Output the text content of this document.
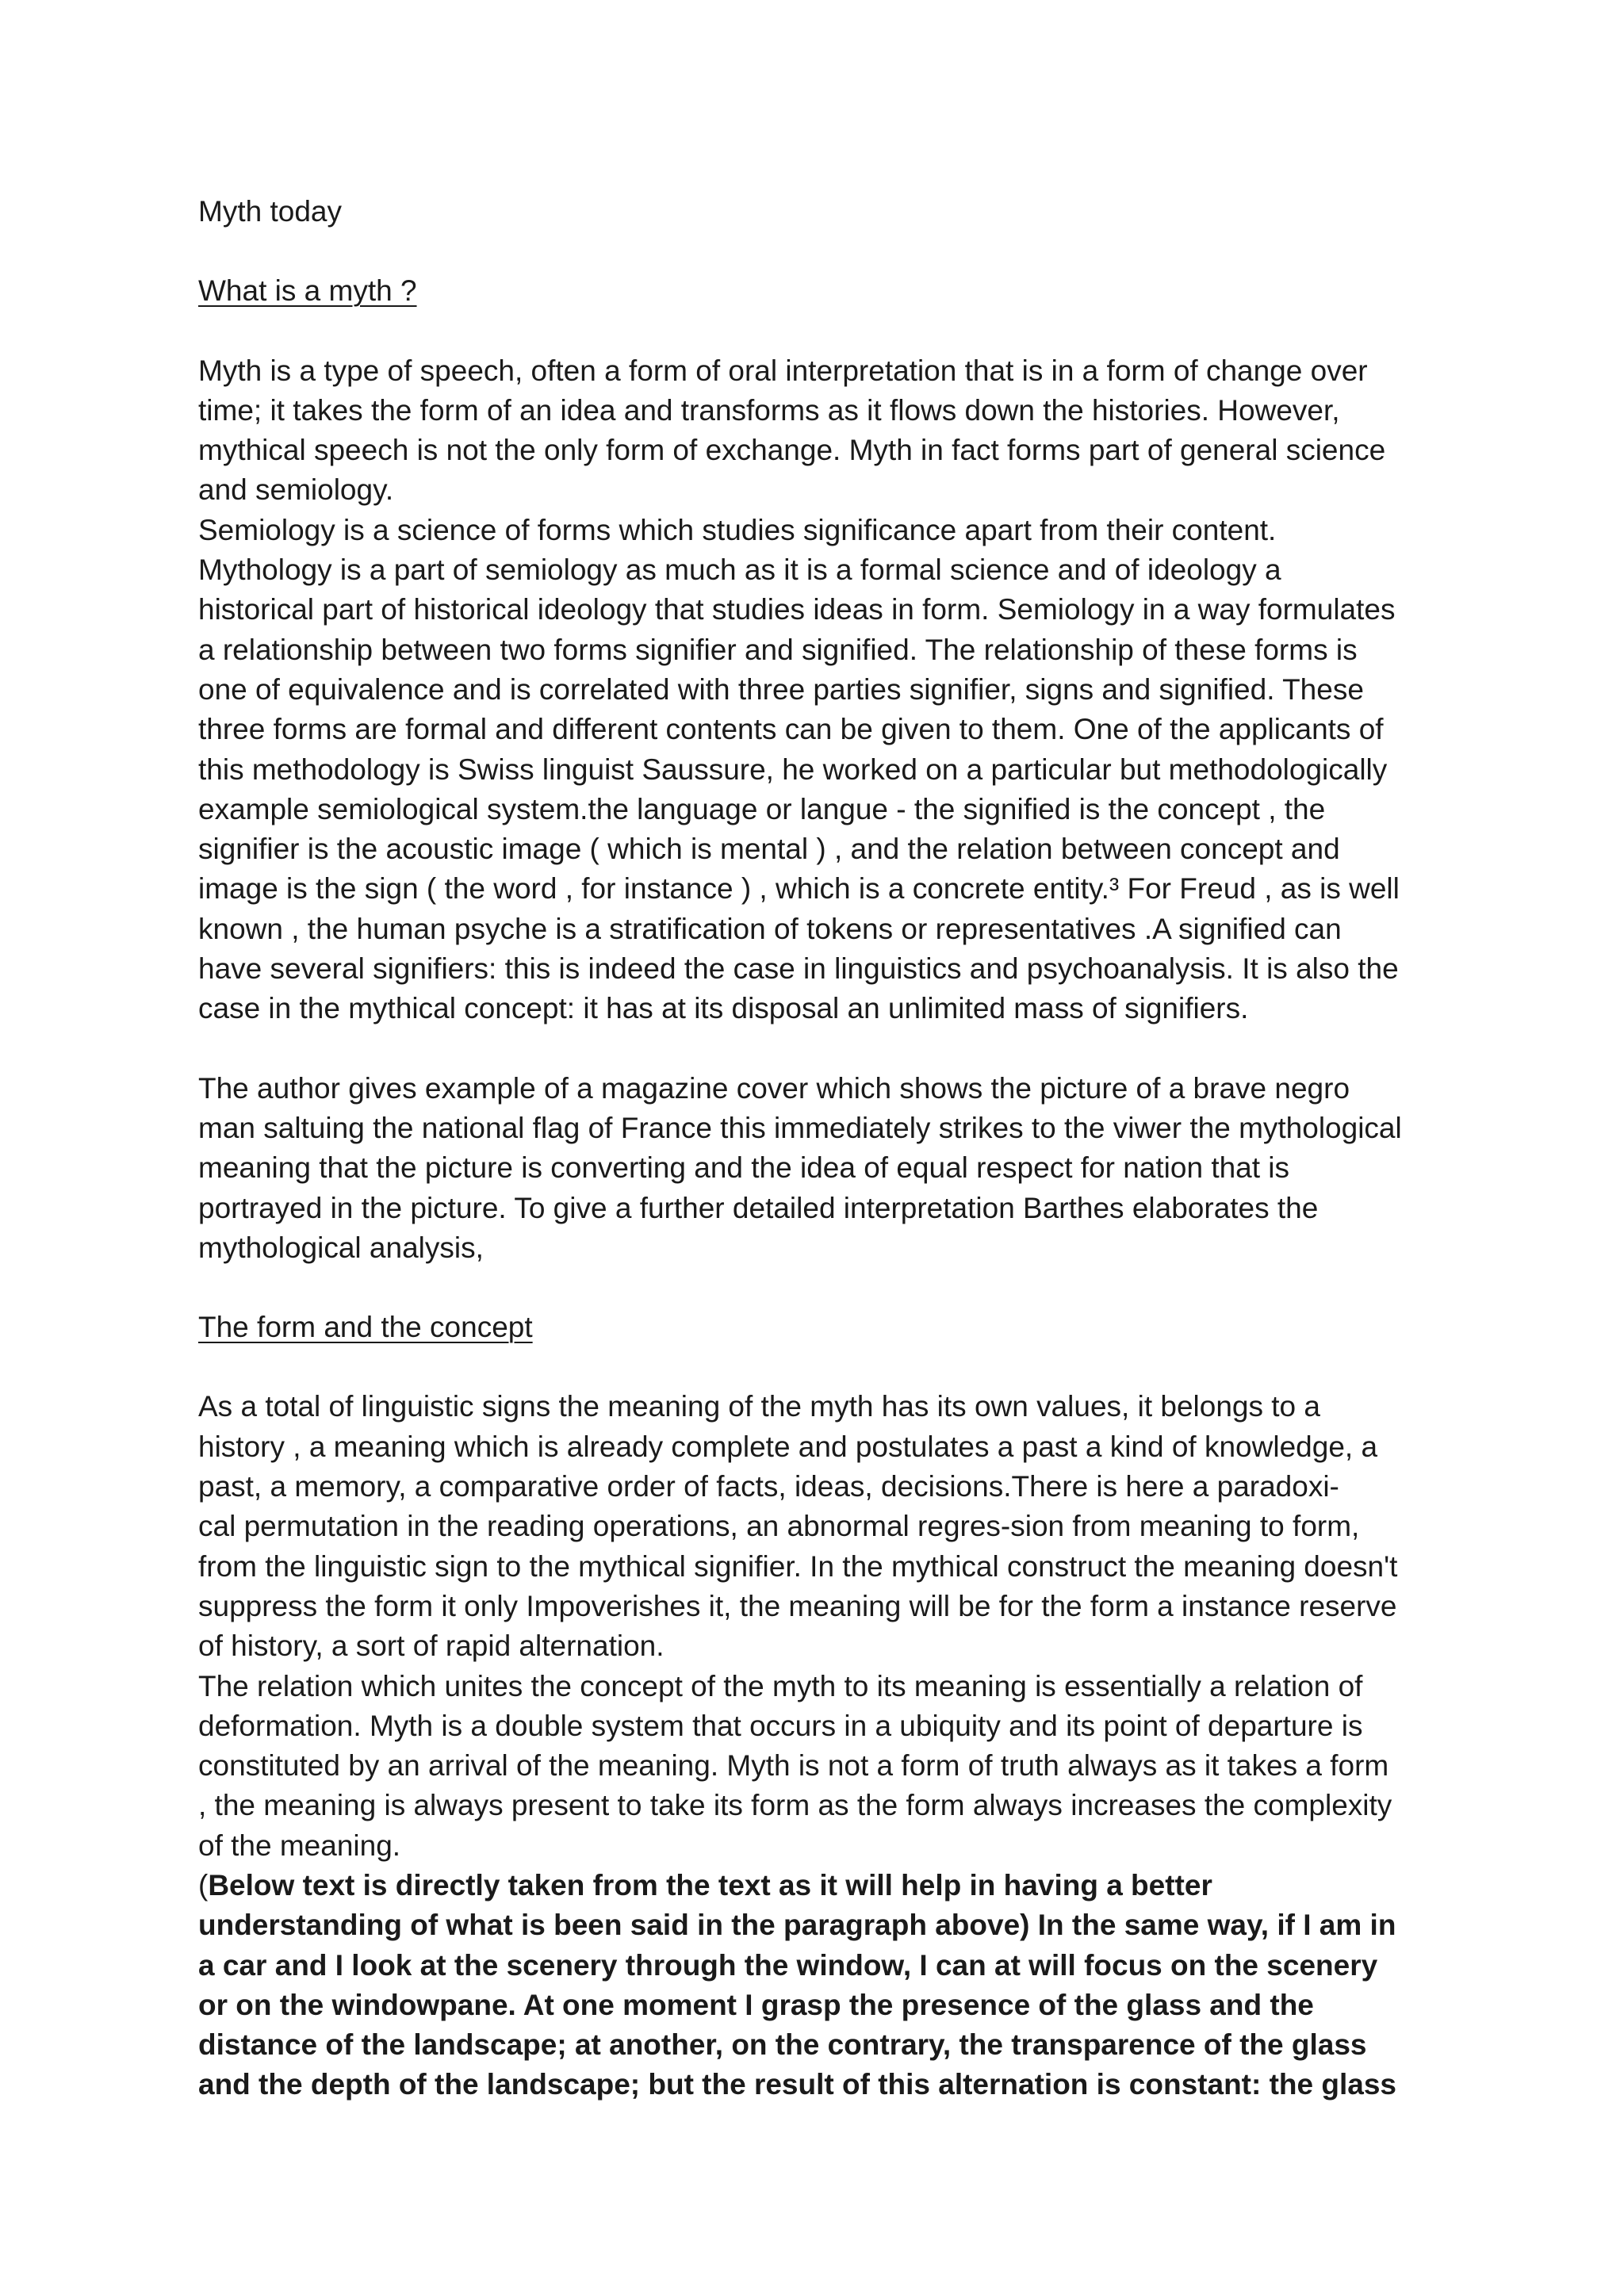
Myth today

What is a myth ?

Myth is a type of speech, often a form of oral interpretation that is in a form of change over

time; it takes the form of an idea and transforms as it flows down the histories. However,

mythical speech is not the only form of exchange. Myth in fact forms part of general science

and semiology.

Semiology is a science of forms which studies significance apart from their content.

Mythology is a part of semiology as much as it is a formal science and of ideology a

historical part of historical ideology that studies ideas in form. Semiology in a way formulates

a relationship between two forms signifier and signified. The relationship of these forms is

one of equivalence and is correlated with three parties signifier, signs and signified. These

three forms are formal and different contents can be given to them. One of the applicants of

this methodology is Swiss linguist Saussure, he worked on a particular but methodologically

example semiological system.the language or langue - the signified is the concept , the

signifier is the acoustic image ( which is mental ) , and the relation between concept and

image is the sign ( the word , for instance ) , which is a concrete entity.³ For Freud , as is well

known , the human psyche is a stratification of tokens or representatives .A signified can

have several signifiers: this is indeed the case in linguistics and psychoanalysis. It is also the

case in the mythical concept: it has at its disposal an unlimited mass of signifiers.

The author gives example of a magazine cover which shows the picture of a brave negro

man saltuing the national flag of France this immediately strikes to the viwer the mythological

meaning that the picture is converting and the idea of equal respect for nation that is

portrayed in the picture. To give a further detailed interpretation Barthes elaborates the

mythological analysis,

The form and the concept

As a total of linguistic signs the meaning of the myth has its own values, it belongs to a

history , a meaning which is already complete and postulates a past a kind of knowledge, a

past, a memory, a comparative order of facts, ideas, decisions.There is here a paradoxi-

cal permutation in the reading operations, an abnormal regres-sion from meaning to form,

from the linguistic sign to the mythical signifier. In the mythical construct the meaning doesn't

suppress the form it only Impoverishes it, the meaning will be for the form a instance reserve

of history, a sort of rapid alternation.

The relation which unites the concept of the myth to its meaning is essentially a relation of

deformation. Myth is a double system that occurs in a ubiquity and its point of departure is

constituted by an arrival of the meaning. Myth is not a form of truth always as it takes a form

, the meaning is always present to take its form as the form always increases the complexity

of the meaning.

(Below text is directly taken from the text as it will help in having a better

understanding of what is been said in the paragraph above) In the same way, if I am in

a car and I look at the scenery through the window, I can at will focus on the scenery

or on the windowpane. At one moment I grasp the presence of the glass and the

distance of the landscape; at another, on the contrary, the transparence of the glass

and the depth of the landscape; but the result of this alternation is constant: the glass
